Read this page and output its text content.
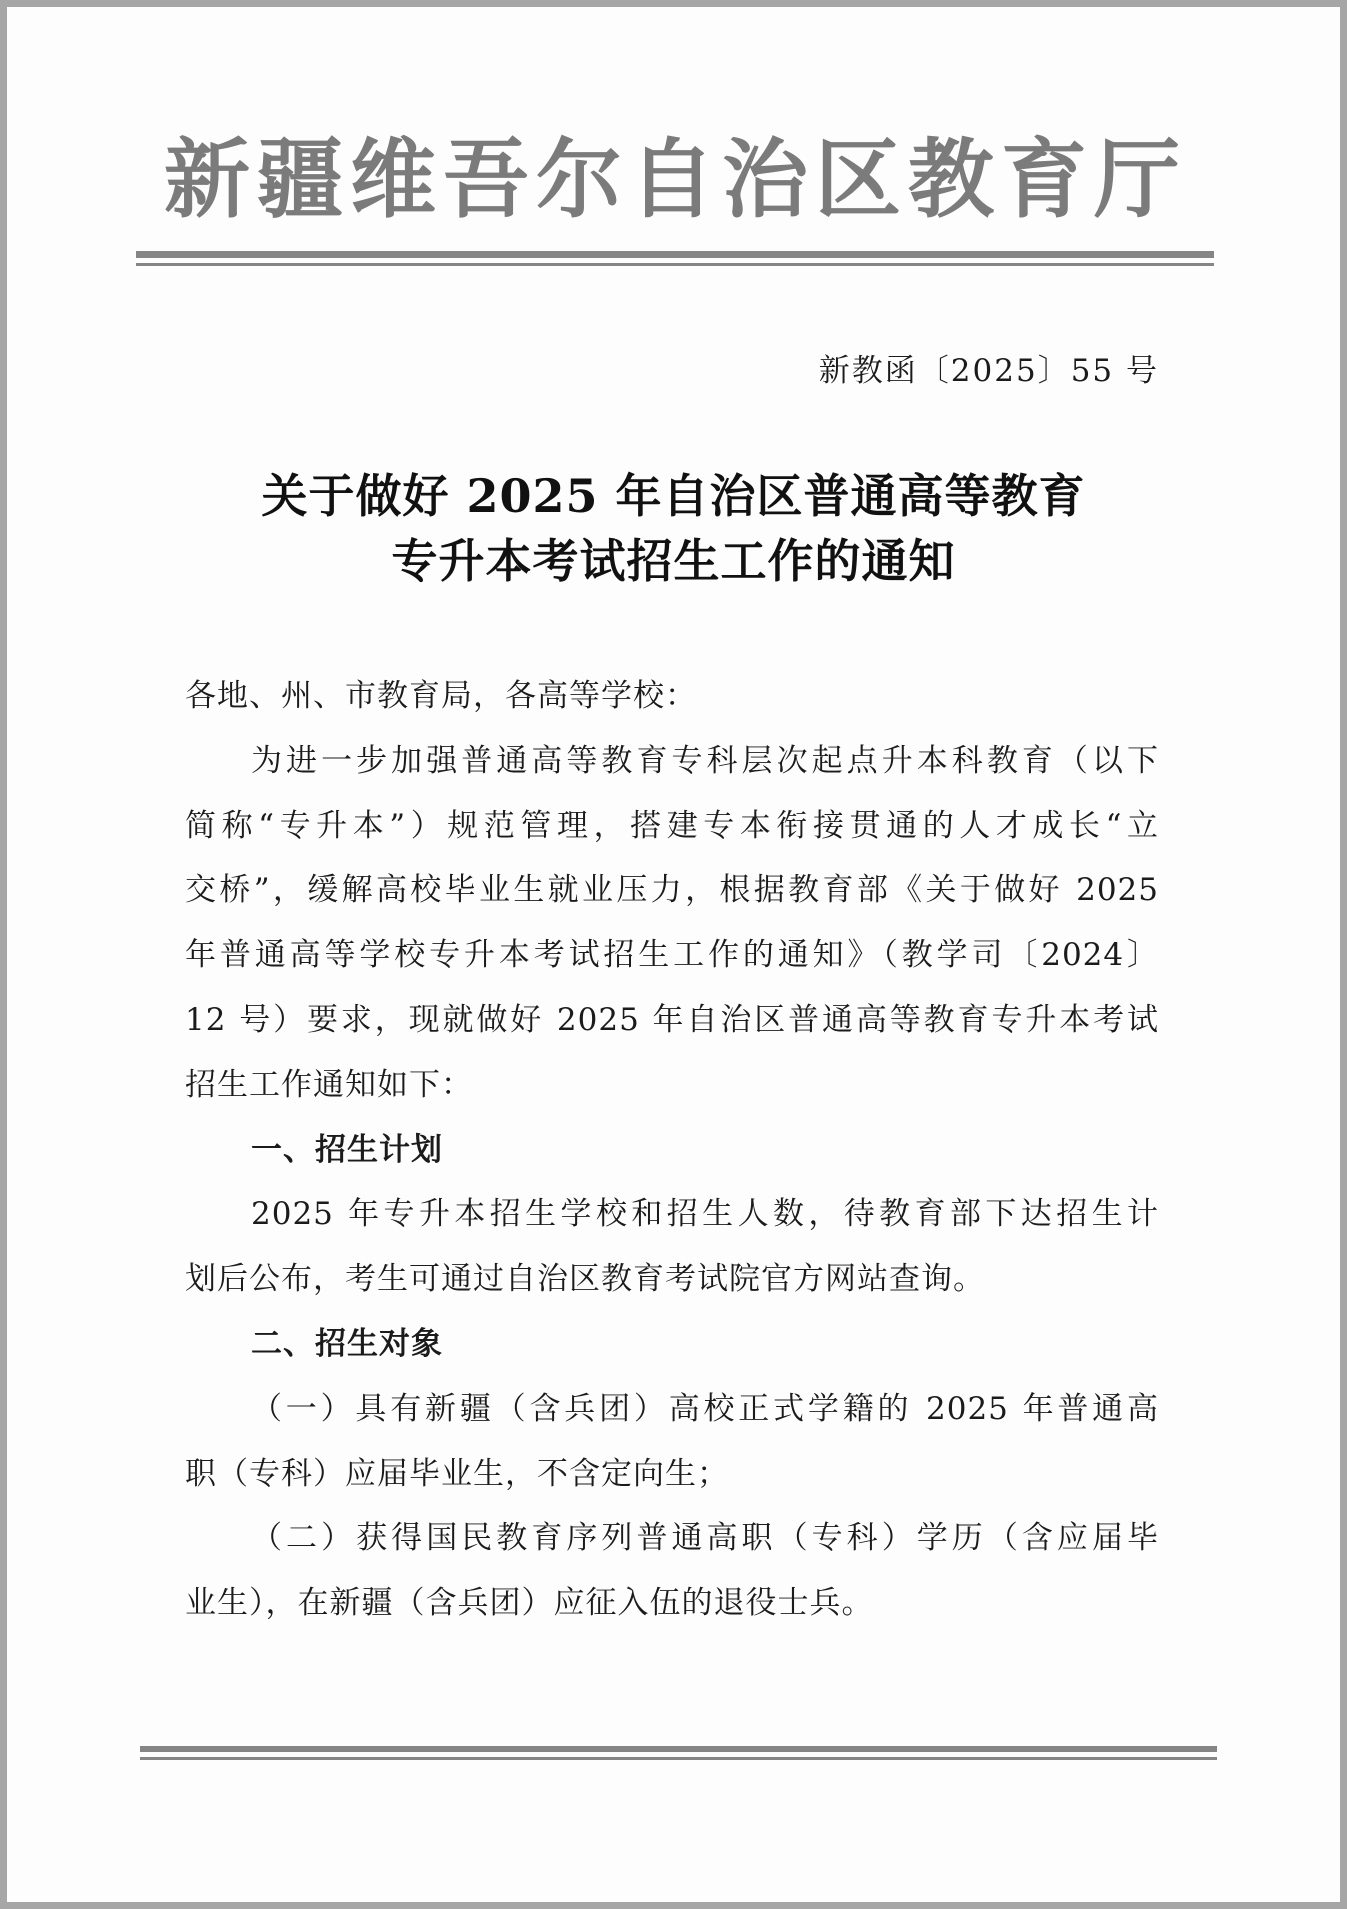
新疆维吾尔自治区教育厅
新教函〔2025〕55 号
关于做好 2025 年自治区普通高等教育
专升本考试招生工作的通知
各地、州、市教育局，各高等学校：
为进一步加强普通高等教育专科层次起点升本科教育（以下
简称“专升本”）规范管理，搭建专本衔接贯通的人才成长“立
交桥”，缓解高校毕业生就业压力，根据教育部《关于做好 2025
年普通高等学校专升本考试招生工作的通知》（教学司〔2024〕
12 号）要求，现就做好 2025 年自治区普通高等教育专升本考试
招生工作通知如下：
一、招生计划
2025 年专升本招生学校和招生人数，待教育部下达招生计
划后公布，考生可通过自治区教育考试院官方网站查询。
二、招生对象
（一）具有新疆（含兵团）高校正式学籍的 2025 年普通高
职（专科）应届毕业生，不含定向生；
（二）获得国民教育序列普通高职（专科）学历（含应届毕
业生），在新疆（含兵团）应征入伍的退役士兵。
